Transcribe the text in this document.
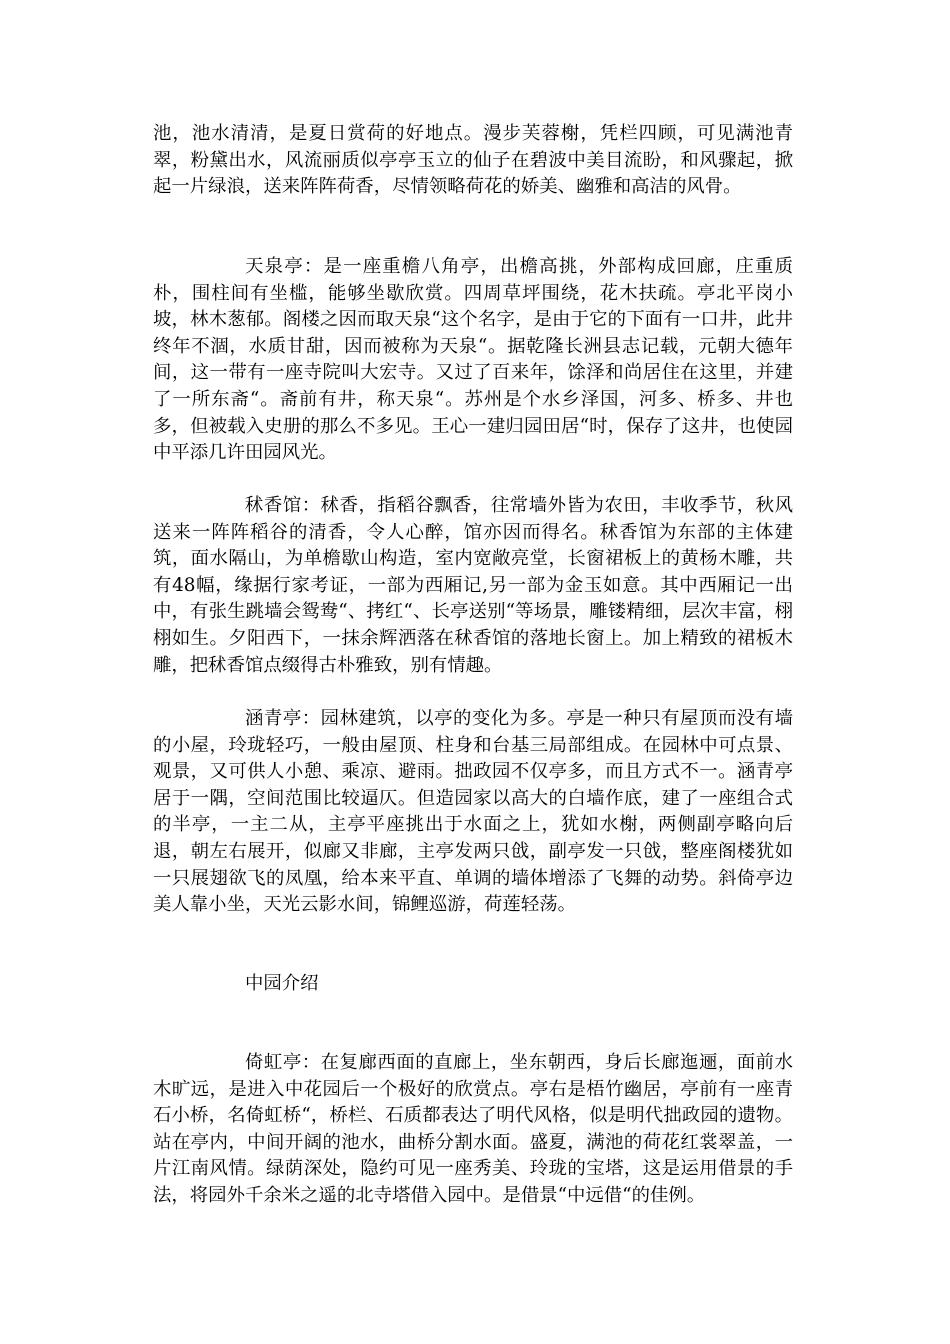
池，池水清清，是夏日赏荷的好地点。漫步芙蓉榭，凭栏四顾，可见满池青翠，粉黛出水，风流丽质似亭亭玉立的仙子在碧波中美目流盼，和风骤起，掀起一片绿浪，送来阵阵荷香，尽情领略荷花的娇美、幽雅和高洁的风骨。

天泉亭：是一座重檐八角亭，出檐高挑，外部构成回廊，庄重质朴，围柱间有坐槛，能够坐歇欣赏。四周草坪围绕，花木扶疏。亭北平岗小坡，林木葱郁。阁楼之因而取天泉“这个名字，是由于它的下面有一口井，此井终年不涸，水质甘甜，因而被称为天泉“。据乾隆长洲县志记载，元朝大德年间，这一带有一座寺院叫大宏寺。又过了百来年，馀泽和尚居住在这里，并建了一所东斋“。斋前有井，称天泉“。苏州是个水乡泽国，河多、桥多、井也多，但被载入史册的那么不多见。王心一建归园田居“时，保存了这井，也使园中平添几许田园风光。

秫香馆：秫香，指稻谷飘香，往常墙外皆为农田，丰收季节，秋风送来一阵阵稻谷的清香，令人心醉，馆亦因而得名。秫香馆为东部的主体建筑，面水隔山，为单檐歇山构造，室内宽敞亮堂，长窗裙板上的黄杨木雕，共有48幅，缘据行家考证，一部为西厢记,另一部为金玉如意。其中西厢记一出中，有张生跳墙会鸳鸯“、拷红“、长亭送别“等场景，雕镂精细，层次丰富，栩栩如生。夕阳西下，一抹余辉洒落在秫香馆的落地长窗上。加上精致的裙板木雕，把秫香馆点缀得古朴雅致，别有情趣。

涵青亭：园林建筑，以亭的变化为多。亭是一种只有屋顶而没有墙的小屋，玲珑轻巧，一般由屋顶、柱身和台基三局部组成。在园林中可点景、观景，又可供人小憩、乘凉、避雨。拙政园不仅亭多，而且方式不一。涵青亭居于一隅，空间范围比较逼仄。但造园家以高大的白墙作底，建了一座组合式的半亭，一主二从，主亭平座挑出于水面之上，犹如水榭，两侧副亭略向后退，朝左右展开，似廊又非廊，主亭发两只戗，副亭发一只戗，整座阁楼犹如一只展翅欲飞的凤凰，给本来平直、单调的墙体增添了飞舞的动势。斜倚亭边美人靠小坐，天光云影水间，锦鲤巡游，荷莲轻荡。

中园介绍

倚虹亭：在复廊西面的直廊上，坐东朝西，身后长廊迤逦，面前水木旷远，是进入中花园后一个极好的欣赏点。亭右是梧竹幽居，亭前有一座青石小桥，名倚虹桥“，桥栏、石质都表达了明代风格，似是明代拙政园的遗物。站在亭内，中间开阔的池水，曲桥分割水面。盛夏，满池的荷花红裳翠盖，一片江南风情。绿荫深处，隐约可见一座秀美、玲珑的宝塔，这是运用借景的手法，将园外千余米之遥的北寺塔借入园中。是借景“中远借“的佳例。
